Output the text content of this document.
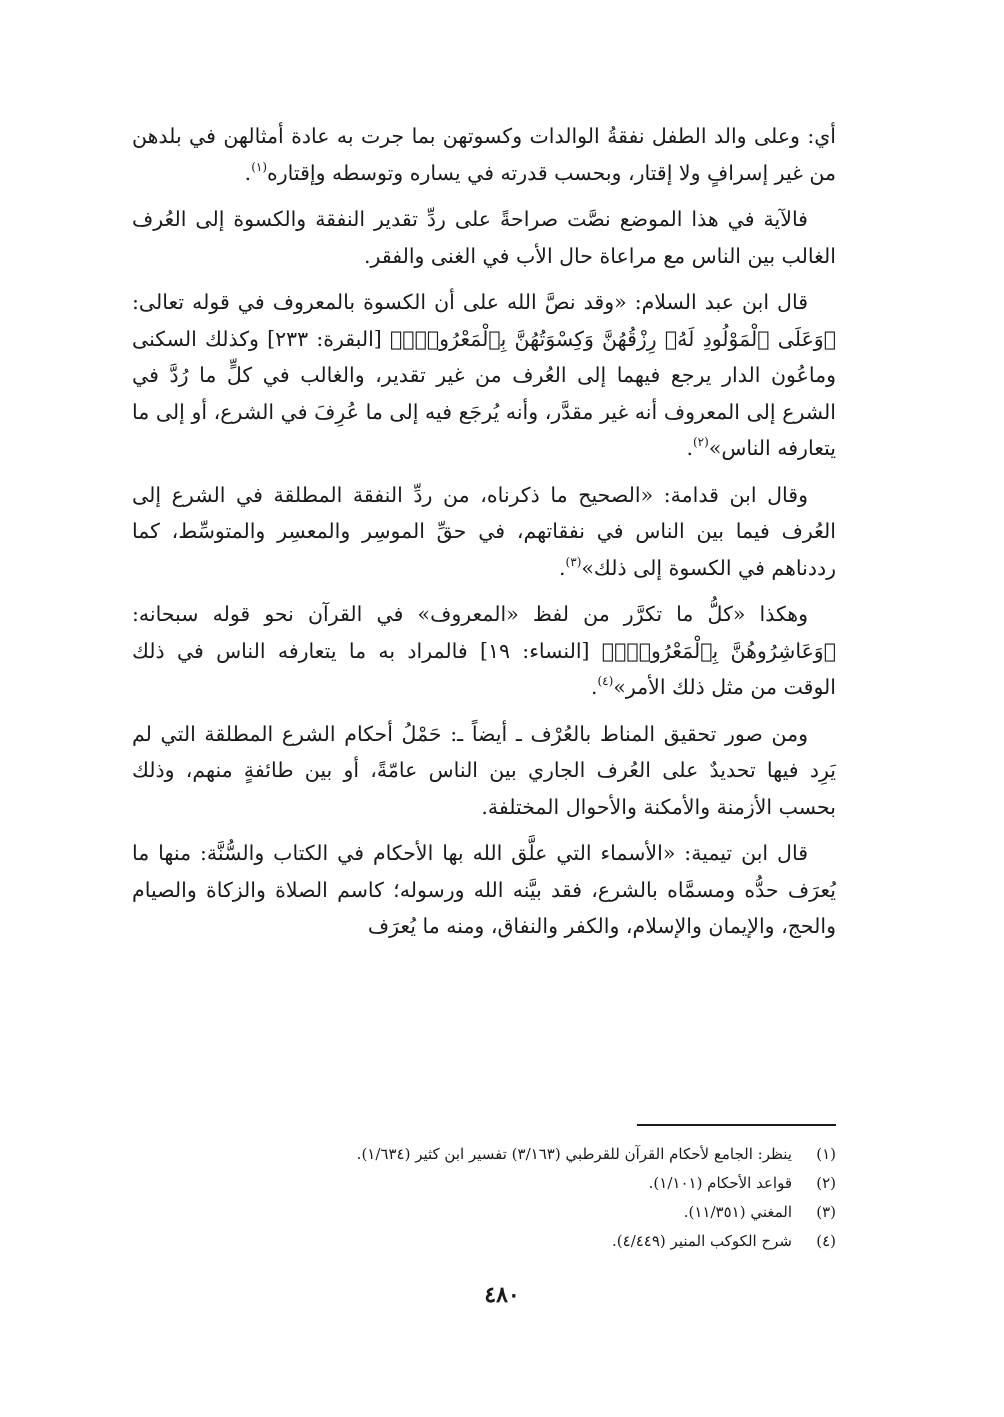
أي: وعلى والد الطفل نفقةُ الوالدات وكسوتهن بما جرت به عادة أمثالهن في بلدهن من غير إسرافٍ ولا إقتار، وبحسب قدرته في يساره وتوسطه وإقتاره$^{(١)}$.

فالآية في هذا الموضع نصَّت صراحةً على ردِّ تقدير النفقة والكسوة إلى العُرف الغالب بين الناس مع مراعاة حال الأب في الغنى والفقر.

قال ابن عبد السلام: «وقد نصَّ الله على أن الكسوة بالمعروف في قوله تعالى: ﴿وَعَلَى ٱلْمَوْلُودِ لَهُۥ رِزْقُهُنَّ وَكِسْوَتُهُنَّ بِٱلْمَعْرُوفِۚ﴾ [البقرة: ٢٣٣] وكذلك السكنى وماعُون الدار يرجع فيهما إلى العُرف من غير تقدير، والغالب في كلٍّ ما رُدَّ في الشرع إلى المعروف أنه غير مقدَّر، وأنه يُرجَع فيه إلى ما عُرِفَ في الشرع، أو إلى ما يتعارفه الناس»$^{(٢)}$.

وقال ابن قدامة: «الصحيح ما ذكرناه، من ردِّ النفقة المطلقة في الشرع إلى العُرف فيما بين الناس في نفقاتهم، في حقِّ الموسِر والمعسِر والمتوسِّط، كما رددناهم في الكسوة إلى ذلك»$^{(٣)}$.

وهكذا «كلُّ ما تكرَّر من لفظ «المعروف» في القرآن نحو قوله سبحانه: ﴿وَعَاشِرُوهُنَّ بِٱلْمَعْرُوفِۚ﴾ [النساء: ١٩] فالمراد به ما يتعارفه الناس في ذلك الوقت من مثل ذلك الأمر»$^{(٤)}$.

ومن صور تحقيق المناط بالعُرْف ـ أيضاً ـ: حَمْلُ أحكام الشرع المطلقة التي لم يَرِد فيها تحديدٌ على العُرف الجاري بين الناس عامّةً، أو بين طائفةٍ منهم، وذلك بحسب الأزمنة والأمكنة والأحوال المختلفة.

قال ابن تيمية: «الأسماء التي علَّق الله بها الأحكام في الكتاب والسُّنَّة: منها ما يُعرَف حدُّه ومسمَّاه بالشرع، فقد بيَّنه الله ورسوله؛ كاسم الصلاة والزكاة والصيام والحج، والإيمان والإسلام، والكفر والنفاق، ومنه ما يُعرَف

(١)
ينظر: الجامع لأحكام القرآن للقرطبي (٣/١٦٣) تفسير ابن كثير (١/٦٣٤).
(٢)
قواعد الأحكام (١/١٠١).
(٣)
المغني (١١/٣٥١).
(٤)
شرح الكوكب المنير (٤/٤٤٩).
٤٨٠
